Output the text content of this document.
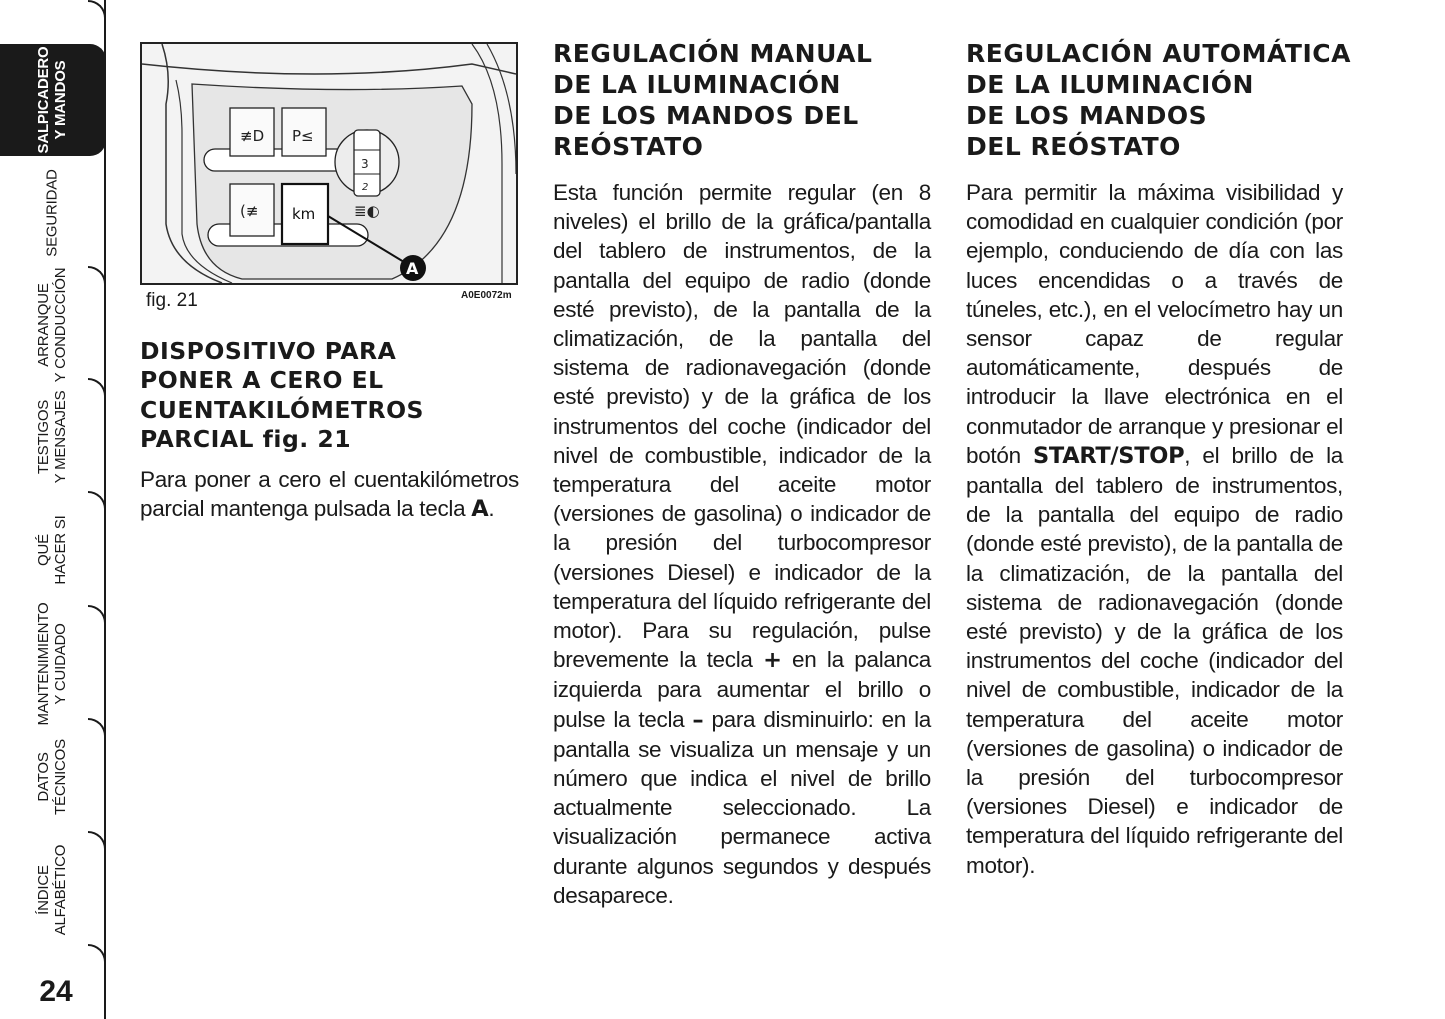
SALPICADERO
Y MANDOS
SEGURIDAD
ARRANQUE
Y CONDUCCIÓN
TESTIGOS
Y MENSAJES
QUÉ
HACER SI
MANTENIMIENTO
Y CUIDADO
DATOS
TÉCNICOS
ÍNDICE
ALFABÉTICO
24
≢D P≤
(≢ km
3
2
≣◐
A
fig. 21	A0E0072m
DISPOSITIVO PARA
PONER A CERO EL
CUENTAKILÓMETROS
PARCIAL fig. 21
Para poner a cero el cuentakilómetros parcial mantenga pulsada la tecla A.
REGULACIÓN MANUAL
DE LA ILUMINACIÓN
DE LOS MANDOS DEL
REÓSTATO
Esta función permite regular (en 8 niveles) el brillo de la gráfica/pantalla del tablero de instrumentos, de la pantalla del equipo de radio (donde esté previsto), de la pantalla de la climatización, de la pantalla del sistema de radionavegación (donde esté previsto) y de la gráfica de los instrumentos del coche (indicador del nivel de combustible, indicador de la temperatura del aceite motor (versiones de gasolina) o indicador de la presión del turbocompresor (versiones Diesel) e indicador de la temperatura del líquido refrigerante del motor). Para su regulación, pulse brevemente la tecla + en la palanca izquierda para aumentar el brillo o pulse la tecla – para disminuirlo: en la pantalla se visualiza un mensaje y un número que indica el nivel de brillo actualmente seleccionado. La visualización permanece activa durante algunos segundos y después desaparece.
REGULACIÓN AUTOMÁTICA
DE LA ILUMINACIÓN
DE LOS MANDOS
DEL REÓSTATO
Para permitir la máxima visibilidad y comodidad en cualquier condición (por ejemplo, conduciendo de día con las luces encendidas o a través de túneles, etc.), en el velocímetro hay un sensor capaz de regular automáticamente, después de introducir la llave electrónica en el conmutador de arranque y presionar el botón START/STOP, el brillo de la pantalla del tablero de instrumentos, de la pantalla del equipo de radio (donde esté previsto), de la pantalla de la climatización, de la pantalla del sistema de radionavegación (donde esté previsto) y de la gráfica de los instrumentos del coche (indicador del nivel de combustible, indicador de la temperatura del aceite motor (versiones de gasolina) o indicador de la presión del turbocompresor (versiones Diesel) e indicador de temperatura del líquido refrigerante del motor).
